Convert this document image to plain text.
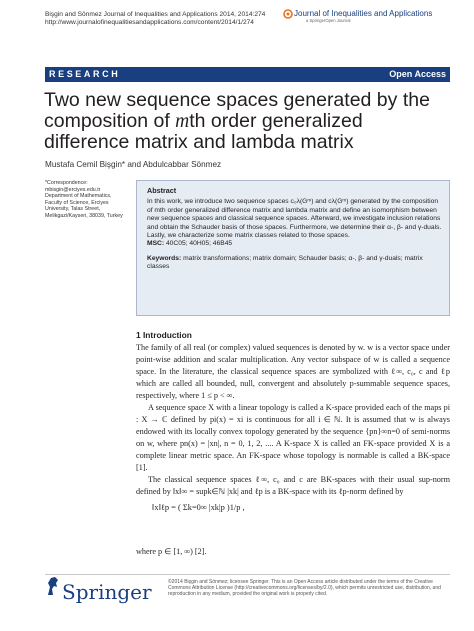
Bişgin and Sönmez Journal of Inequalities and Applications 2014, 2014:274
http://www.journalofinequalitiesandapplications.com/content/2014/1/274
Journal of Inequalities and Applications
a SpringerOpen Journal
RESEARCH	Open Access
Two new sequence spaces generated by the
composition of mth order generalized
difference matrix and lambda matrix
Mustafa Cemil Bişgin* and Abdulcabbar Sönmez
*Correspondence:
mbisgin@erciyes.edu.tr
Department of Mathematics,
Faculty of Science, Erciyes
University, Talas Street,
Melikgazi/Kayseri, 38039, Turkey
Abstract

In this work, we introduce two sequence spaces c₀λ(Gᵐ) and cλ(Gᵐ) generated by the composition of mth order generalized difference matrix and lambda matrix and define an isomorphism between new sequence spaces and classical sequence spaces. Afterward, we investigate inclusion relations and obtain the Schauder basis of those spaces. Furthermore, we determine their α-, β- and γ-duals. Lastly, we characterize some matrix classes related to those spaces.

MSC: 40C05; 40H05; 46B45

Keywords: matrix transformations; matrix domain; Schauder basis; α-, β- and γ-duals; matrix classes

1 Introduction

The family of all real (or complex) valued sequences is denoted by w. w is a vector space under point-wise addition and scalar multiplication. Any vector subspace of w is called a sequence space. In the literature, the classical sequence spaces are symbolized with ℓ∞, c₀, c and ℓp which are called all bounded, null, convergent and absolutely p-summable sequence spaces, respectively, where 1 ≤ p < ∞.

A sequence space X with a linear topology is called a K-space provided each of the maps pi : X → ℂ defined by pi(x) = xi is continuous for all i ∈ ℕ. It is assumed that w is always endowed with its locally convex topology generated by the sequence {pn}∞n=0 of semi-norms on w, where pn(x) = |xn|, n = 0, 1, 2, .... A K-space X is called an FK-space provided X is a complete linear metric space. An FK-space whose topology is normable is called a BK-space [1].

The classical sequence spaces ℓ∞, c₀ and c are BK-spaces with their usual sup-norm defined by ‖x‖∞ = supk∈ℕ |xk| and ℓp is a BK-space with its ℓp-norm defined by

‖x‖ℓp = ( Σk=0∞ |xk|p )1/p ,
where p ∈ [1, ∞) [2].
Springer	©2014 Bişgin and Sönmez; licensee Springer. This is an Open Access article distributed under the terms of the Creative Commons Attribution License (http://creativecommons.org/licenses/by/2.0), which permits unrestricted use, distribution, and reproduction in any medium, provided the original work is properly cited.
